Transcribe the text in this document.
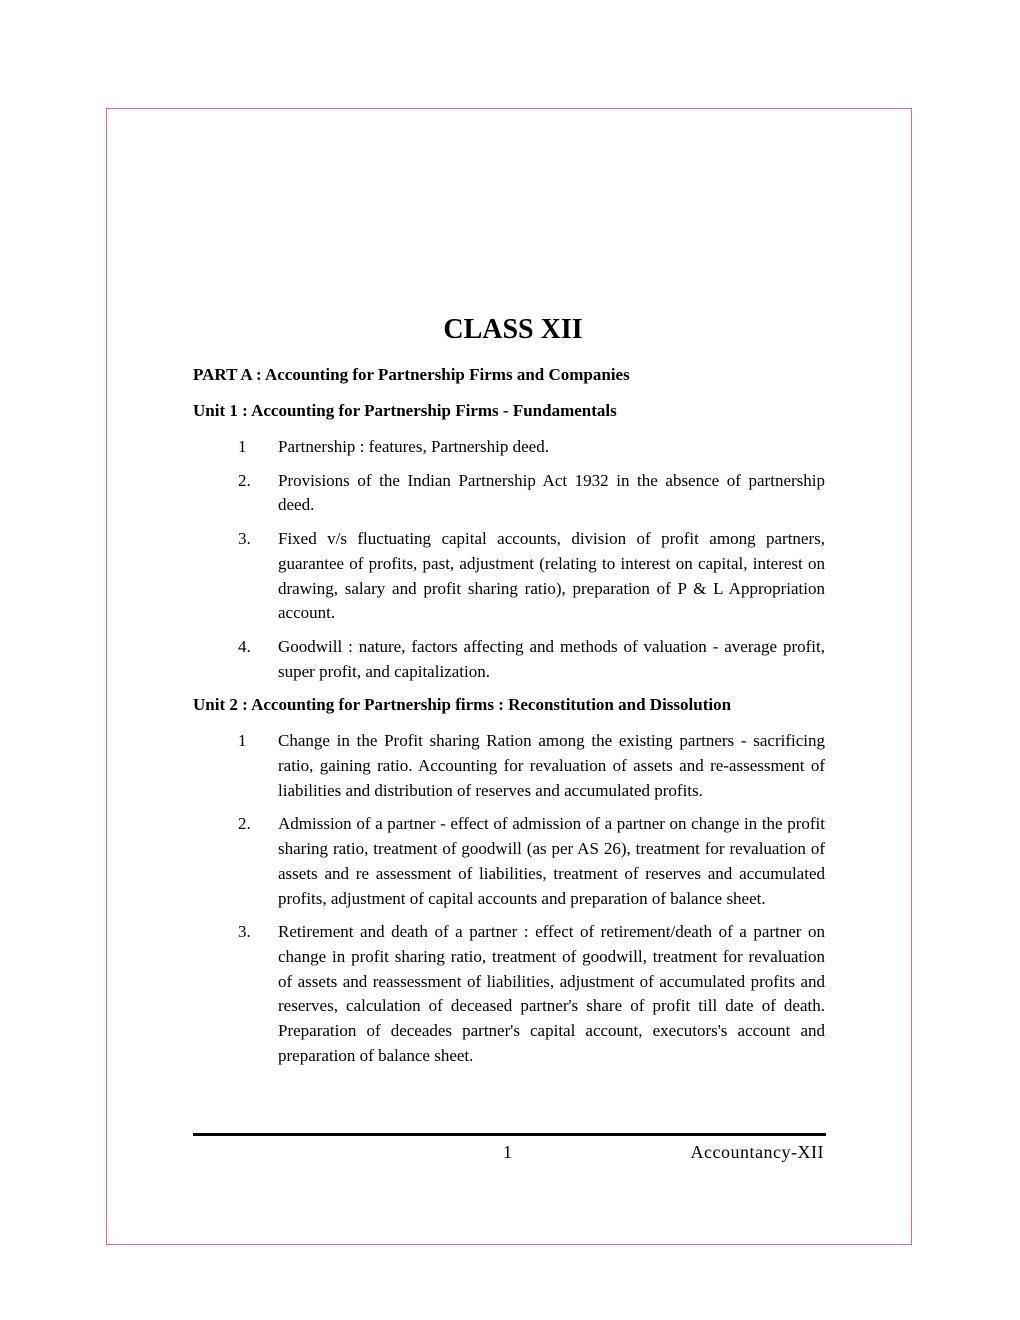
CLASS XII
PART A : Accounting for Partnership Firms and Companies
Unit 1 : Accounting for Partnership Firms - Fundamentals
1	Partnership : features, Partnership deed.
2.	Provisions of the Indian Partnership Act 1932 in the absence of partnership deed.
3.	Fixed v/s fluctuating capital accounts, division of profit among partners, guarantee of profits, past, adjustment (relating to interest on capital, interest on drawing, salary and profit sharing ratio), preparation of P & L Appropriation account.
4.	Goodwill : nature, factors affecting and methods of valuation - average profit, super profit, and capitalization.
Unit 2 : Accounting for Partnership firms : Reconstitution and Dissolution
1	Change in the Profit sharing Ration among the existing partners - sacrificing ratio, gaining ratio. Accounting for revaluation of assets and re-assessment of liabilities and distribution of reserves and accumulated profits.
2.	Admission of a partner - effect of admission of a partner on change in the profit sharing ratio, treatment of goodwill (as per AS 26), treatment for revaluation of assets and re assessment of liabilities, treatment of reserves and accumulated profits, adjustment of capital accounts and preparation of balance sheet.
3.	Retirement and death of a partner : effect of retirement/death of a partner on change in profit sharing ratio, treatment of goodwill, treatment for revaluation of assets and reassessment of liabilities, adjustment of accumulated profits and reserves, calculation of deceased partner's share of profit till date of death. Preparation of deceades partner's capital account, executors's account and preparation of balance sheet.
1	Accountancy-XII
